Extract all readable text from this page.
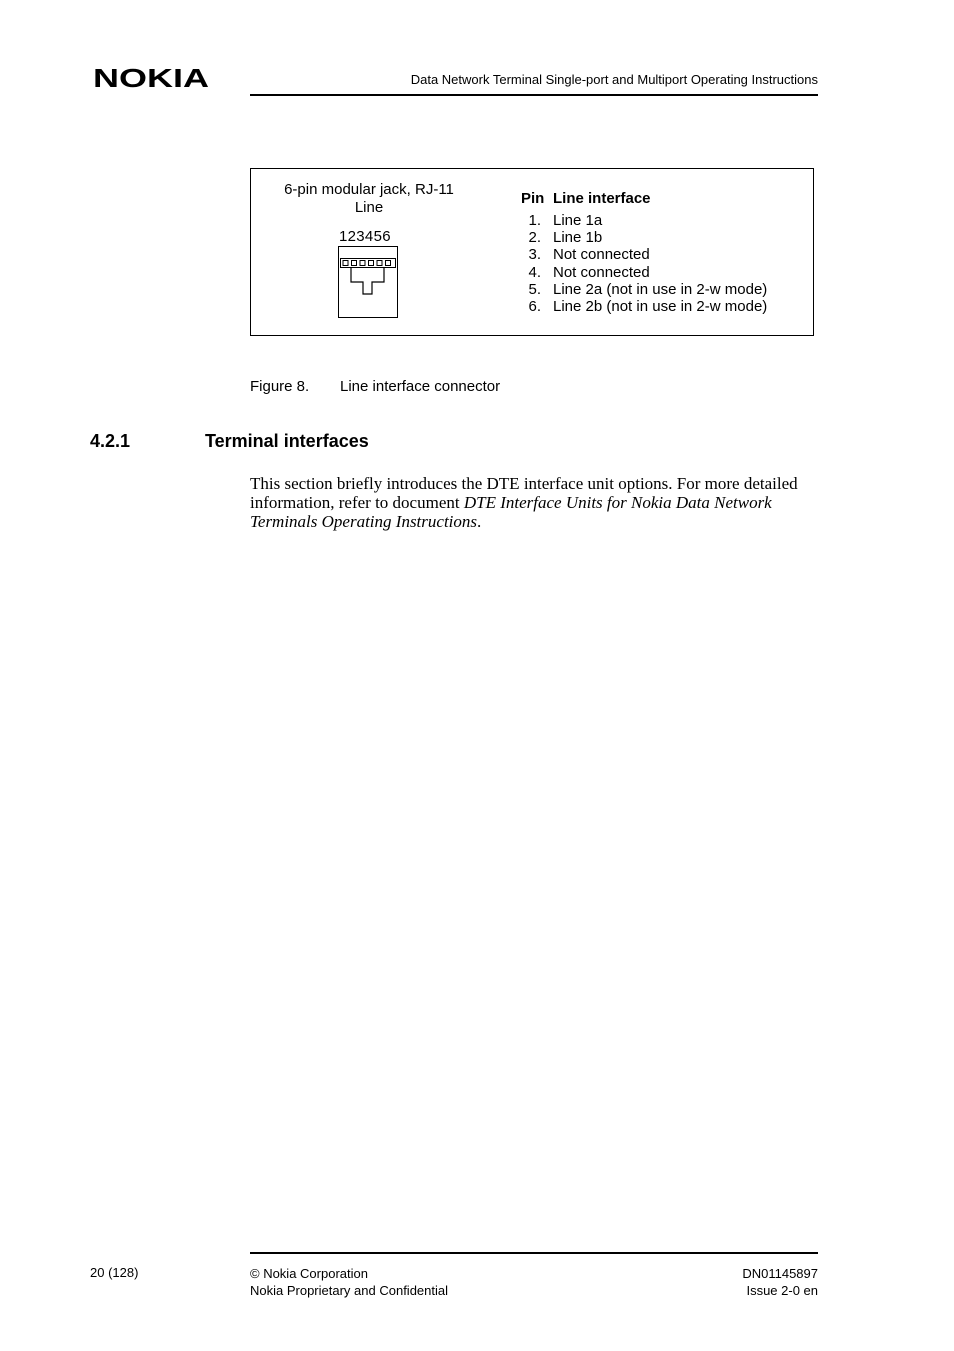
NOKIA	Data Network Terminal Single-port and Multiport Operating Instructions
6-pin modular jack, RJ-11
Line
123456
Pin	Line interface
1.	Line 1a
2.	Line 1b
3.	Not connected
4.	Not connected
5.	Line 2a (not in use in 2-w mode)
6.	Line 2b (not in use in 2-w mode)
Figure 8. Line interface connector
4.2.1	Terminal interfaces

This section briefly introduces the DTE interface unit options. For more detailed information, refer to document DTE Interface Units for Nokia Data Network Terminals Operating Instructions.

20 (128)	© Nokia Corporation
Nokia Proprietary and Confidential
DN01145897
Issue 2-0 en
